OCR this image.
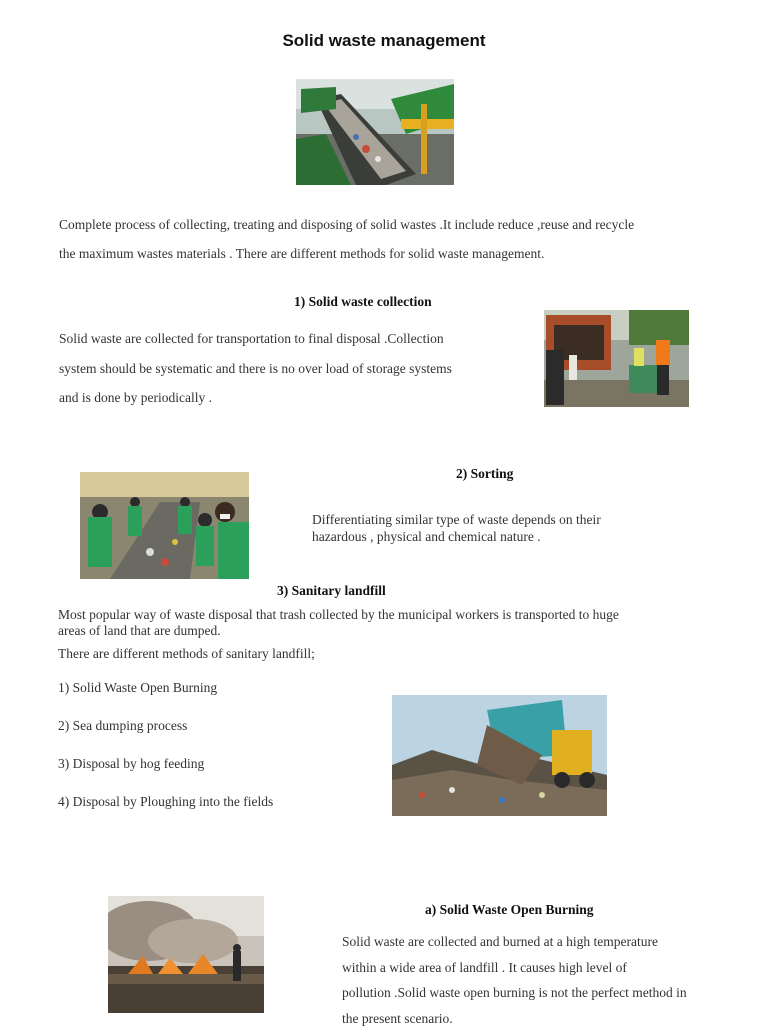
Solid waste management
Complete process of collecting, treating and disposing of solid wastes .It include reduce ,reuse and recycle
the maximum wastes materials . There are different methods for solid waste management.
1) Solid waste collection
Solid waste are collected for transportation to final disposal .Collection
system should be systematic and there is no over load of storage systems
and is done by periodically .
2) Sorting
Differentiating similar type of waste depends on their
hazardous , physical and chemical nature .
3) Sanitary landfill
Most popular way of waste disposal that trash collected by the municipal workers is transported to huge
areas of land that are dumped.
There are different methods of sanitary landfill;
1) Solid Waste Open Burning
2) Sea dumping process
3) Disposal by hog feeding
4) Disposal by Ploughing into the fields
a) Solid Waste Open Burning
Solid waste are collected and burned at a high temperature
within a wide area of landfill . It causes high level of
pollution .Solid waste open burning is not the perfect method in
the present scenario.
